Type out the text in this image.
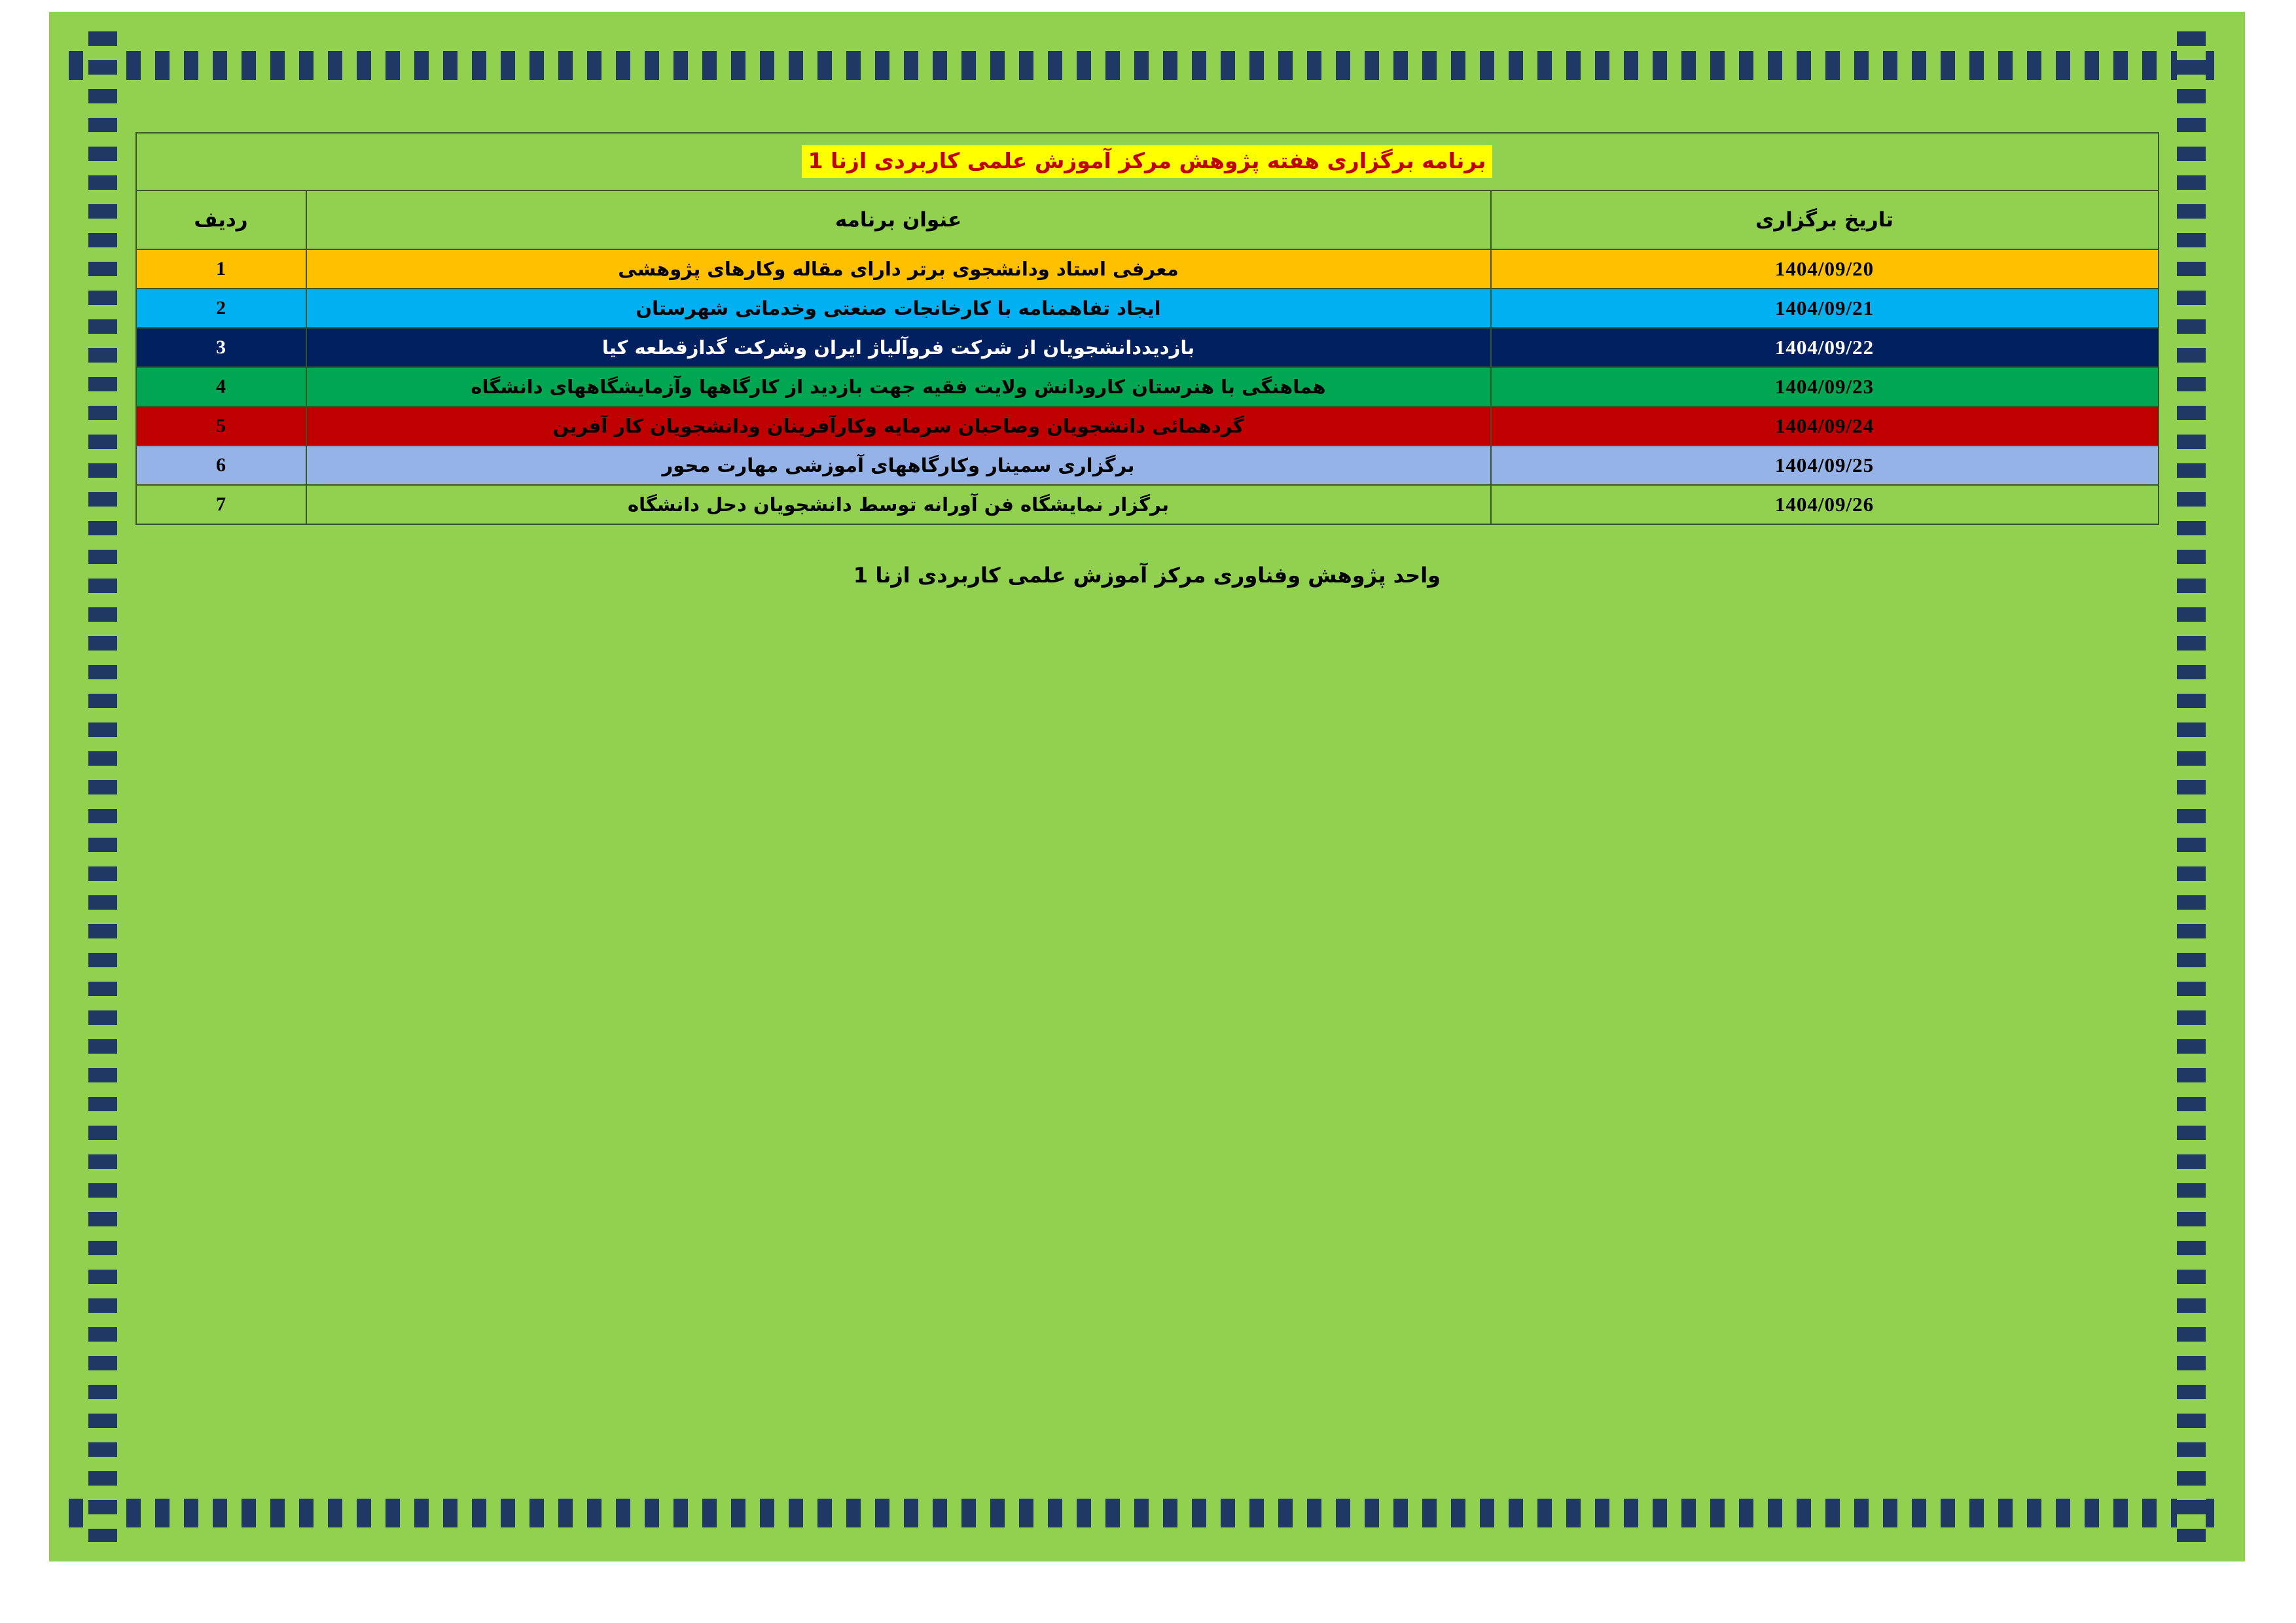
برنامه برگزاری هفته پژوهش مرکز آموزش علمی کاربردی ازنا 1		
تاریخ برگزاری	عنوان برنامه	ردیف
1404/09/20	معرفی استاد ودانشجوی برتر دارای مقاله وکارهای پژوهشی	1
1404/09/21	ایجاد تفاهمنامه با کارخانجات صنعتی وخدماتی شهرستان	2
1404/09/22	بازدیددانشجویان از شرکت فروآلیاژ ایران وشرکت گدازقطعه کیا	3
1404/09/23	هماهنگی با هنرستان کارودانش ولایت فقیه جهت بازدید از کارگاهها وآزمایشگاههای دانشگاه	4
1404/09/24	گردهمائی دانشجویان وصاحبان سرمایه وکارآفرینان ودانشجویان کار آفرین	5
1404/09/25	برگزاری سمینار وکارگاههای آموزشی مهارت محور	6
1404/09/26	برگزار نمایشگاه فن آورانه توسط دانشجویان دحل دانشگاه	7
واحد پژوهش وفناوری مرکز آموزش علمی کاربردی ازنا 1
